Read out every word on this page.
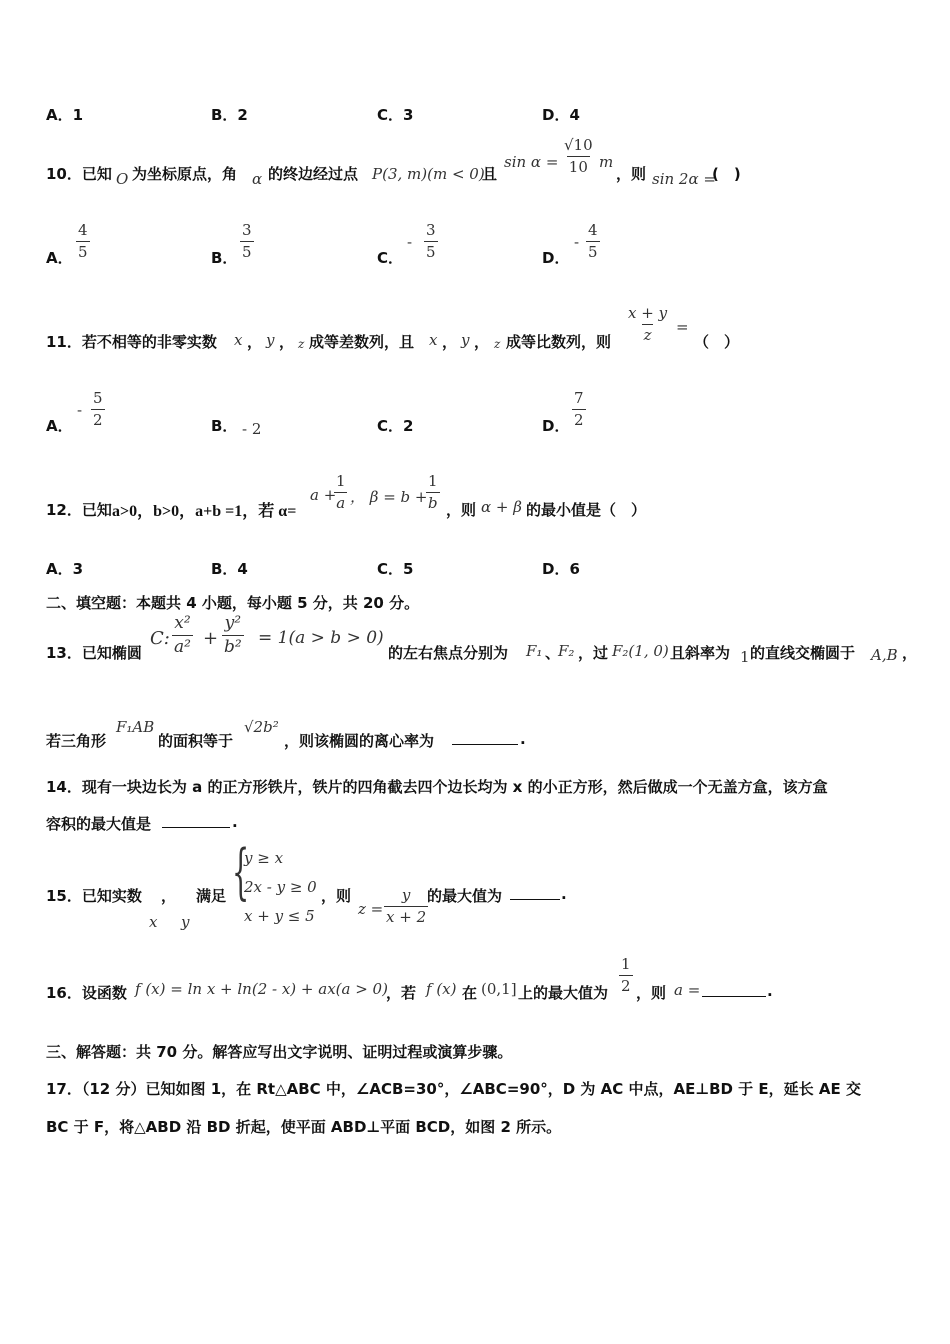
A．1	B．2	C．3	D．4
10．已知 O 为坐标原点，角 α 的终边经过点 P(3, m)(m < 0)
且
$\sin \alpha = \frac{√10}{10}$ m
，则 sin 2α =
(　)
A． $\frac{4}{5}$	B． $\frac{3}{5}$	C．
- $\frac{3}{5}$	D．
- $\frac{4}{5}$
11．若不相等的非零实数 x ， y ， z 成等差数列，且 x ， y ， z 成等比数列，则 $\frac{x + y}{z}$ =
（　）
A．
- $\frac{5}{2}$	B． - 2	C．2	D． $\frac{7}{2}$
12．已知 a>0，b>0，a+b =1，若 α=
a +
$\frac{1}{a}$ ， β = b +
$\frac{1}{b}$ ，则 α + β 的最小值是（　）
A．3	B．4	C．5	D．6
二、填空题：本题共 4 小题，每小题 5 分，共 20 分。
13．已知椭圆
C: $\frac{\text{x²}}{\text{a²}} + \frac{\text{y²}}{\text{b²}} = 1(a > b > 0)$
的左右焦点分别为 F₁ 、
F₂ ，过 F₂(1, 0) 且斜率为 1 的直线交椭圆于 A,B ，
若三角形
F₁AB
的面积等于
√2b²
，则该椭圆的离心率为	.
14．现有一块边长为 a 的正方形铁片，铁片的四角截去四个边长均为 x 的小正方形，然后做成一个无盖方盒，该方盒
容积的最大值是	.
15．已知实数 ， 满足
x y
{
y ≥ x
2x - y ≥ 0
x + y ≤ 5
，则
$z = \frac{y}{x + 2}$
的最大值为	.
16．设函数 f (x) = ln x + ln(2 - x) + ax(a > 0)
，若 f (x) 在 (0,1] 上的最大值为 $\frac{1}{2}$ ，则 a =	.
三、解答题：共 70 分。解答应写出文字说明、证明过程或演算步骤。
17．（12 分）已知如图 1，在 Rt△ABC 中，∠ACB=30°，∠ABC=90°，D 为 AC 中点，AE⊥BD 于 E，延长 AE 交
BC 于 F，将△ABD 沿 BD 折起，使平面 ABD⊥平面 BCD，如图 2 所示。
